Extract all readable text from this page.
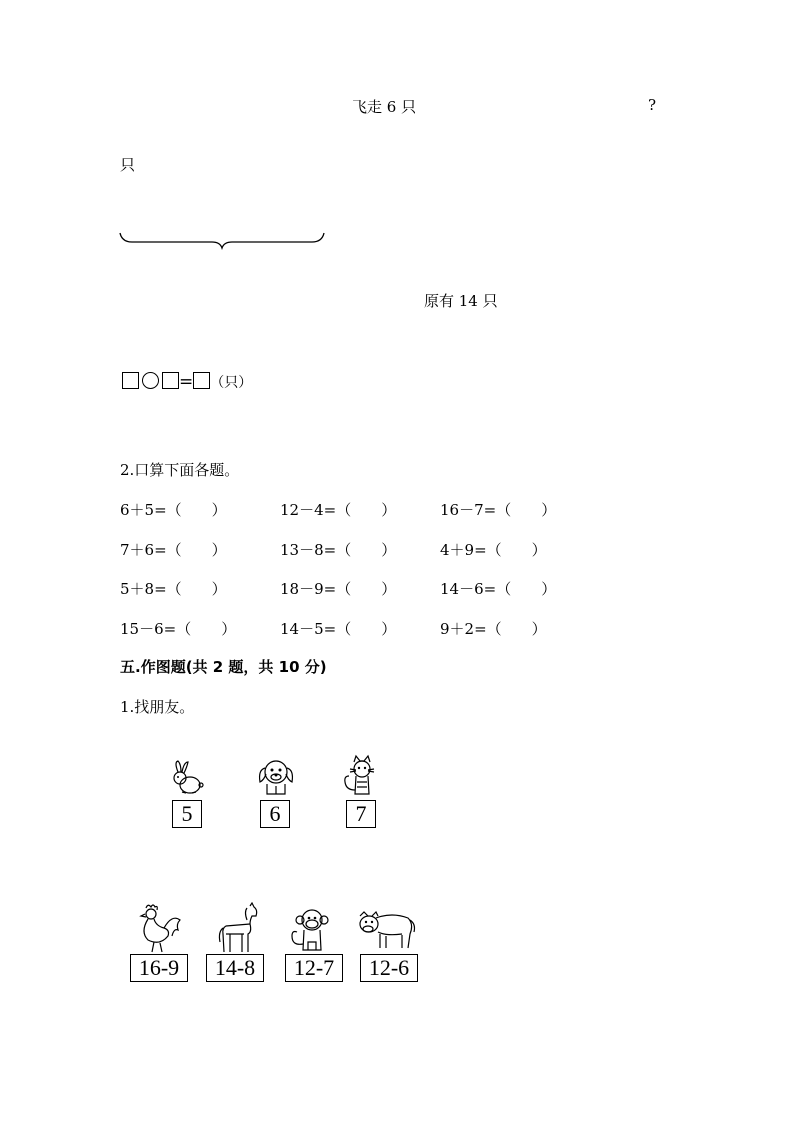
飞走 6 只	?
只
原有 14 只
= （只）
2.口算下面各题。
6＋5=（　　）	12－4=（　　）	16－7=（　　）
7＋6=（　　）	13－8=（　　）	4＋9=（　　）
5＋8=（　　）	18－9=（　　）	14－6=（　　）
15－6=（　　）	14－5=（　　）	9＋2=（　　）
五.作图题(共 2 题，共 10 分)
1.找朋友。
5	6	7
16-9	14-8	12-7	12-6
